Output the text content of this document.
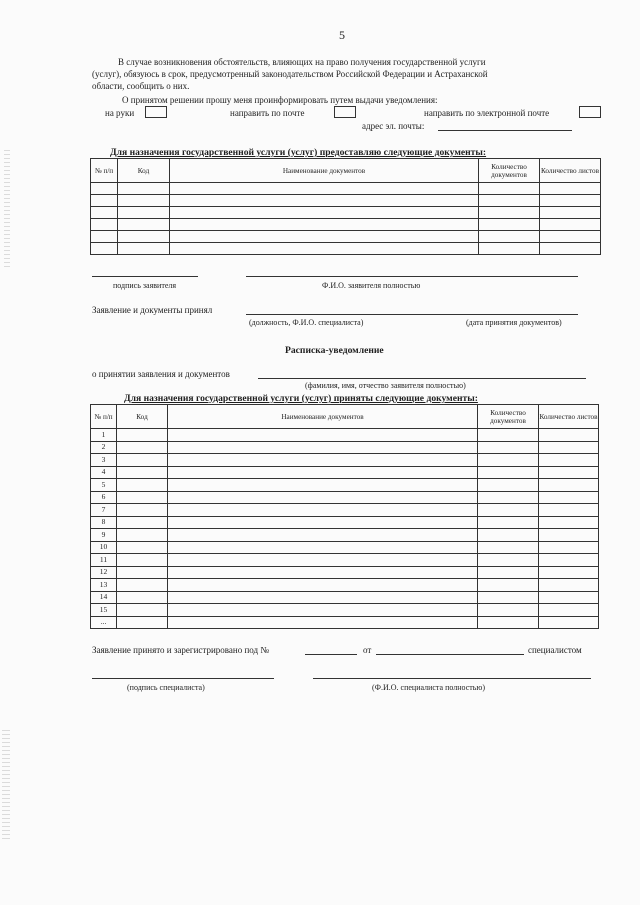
5
В случае возникновения обстоятельств, влияющих на право получения государственной услуги
(услуг), обязуюсь в срок, предусмотренный законодательством Российской Федерации и Астраханской
области, сообщить о них.
О принятом решении прошу меня проинформировать путем выдачи уведомления:
на руки	направить по почте	направить по электронной почте
адрес эл. почты:
Для назначения государственной услуги (услуг) предоставляю следующие документы:
№ п/п	Код	Наименование документов	Количество документов	Количество листов

подпись заявителя	Ф.И.О. заявителя полностью
Заявление и документы принял
(должность, Ф.И.О. специалиста)	(дата принятия документов)
Расписка-уведомление
о принятии заявления и документов
(фамилия, имя, отчество заявителя полностью)
Для назначения государственной услуги (услуг) приняты следующие документы:
№ п/п	Код	Наименование документов	Количество документов	Количество листов
1				
2				
3				
4				
5				
6				
7				
8				
9				
10				
11				
12				
13				
14				
15				
...				
Заявление принято и зарегистрировано под №	от	специалистом
(подпись специалиста)	(Ф.И.О. специалиста полностью)
